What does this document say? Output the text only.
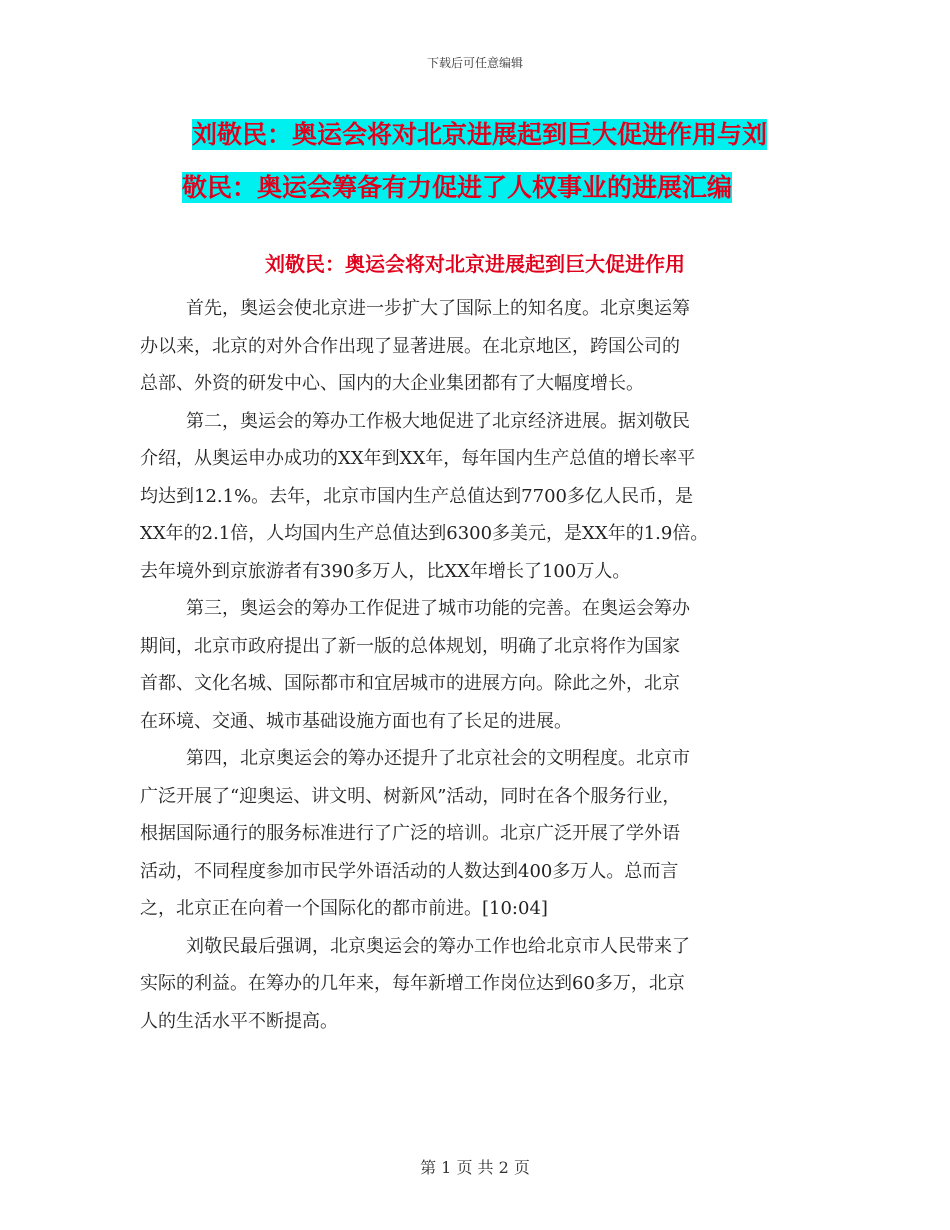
下载后可任意编辑
刘敬民：奥运会将对北京进展起到巨大促进作用与刘
敬民：奥运会筹备有力促进了人权事业的进展汇编
刘敬民：奥运会将对北京进展起到巨大促进作用
首先，奥运会使北京进一步扩大了国际上的知名度。北京奥运筹
办以来，北京的对外合作出现了显著进展。在北京地区，跨国公司的
总部、外资的研发中心、国内的大企业集团都有了大幅度增长。
第二，奥运会的筹办工作极大地促进了北京经济进展。据刘敬民
介绍，从奥运申办成功的XX年到XX年，每年国内生产总值的增长率平
均达到12.1%。去年，北京市国内生产总值达到7700多亿人民币，是
XX年的2.1倍，人均国内生产总值达到6300多美元，是XX年的1.9倍。
去年境外到京旅游者有390多万人，比XX年增长了100万人。
第三，奥运会的筹办工作促进了城市功能的完善。在奥运会筹办
期间，北京市政府提出了新一版的总体规划，明确了北京将作为国家
首都、文化名城、国际都市和宜居城市的进展方向。除此之外，北京
在环境、交通、城市基础设施方面也有了长足的进展。
第四，北京奥运会的筹办还提升了北京社会的文明程度。北京市
广泛开展了“迎奥运、讲文明、树新风”活动，同时在各个服务行业，
根据国际通行的服务标准进行了广泛的培训。北京广泛开展了学外语
活动，不同程度参加市民学外语活动的人数达到400多万人。总而言
之，北京正在向着一个国际化的都市前进。[10:04]
刘敬民最后强调，北京奥运会的筹办工作也给北京市人民带来了
实际的利益。在筹办的几年来，每年新增工作岗位达到60多万，北京
人的生活水平不断提高。
第 1 页 共 2 页
